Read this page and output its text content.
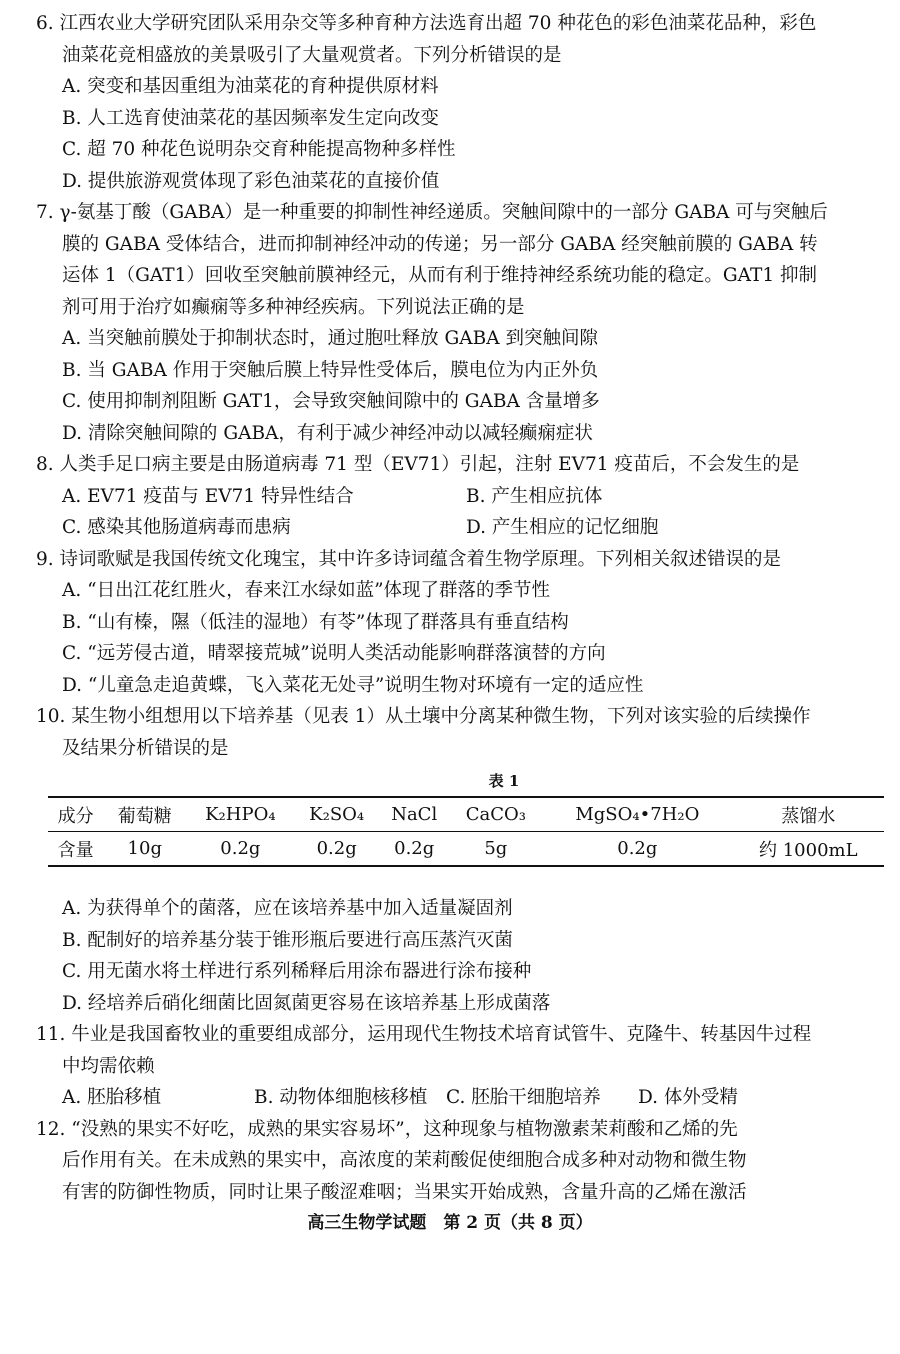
6. 江西农业大学研究团队采用杂交等多种育种方法选育出超 70 种花色的彩色油菜花品种，彩色
油菜花竞相盛放的美景吸引了大量观赏者。下列分析错误的是
A. 突变和基因重组为油菜花的育种提供原材料
B. 人工选育使油菜花的基因频率发生定向改变
C. 超 70 种花色说明杂交育种能提高物种多样性
D. 提供旅游观赏体现了彩色油菜花的直接价值
7. γ-氨基丁酸（GABA）是一种重要的抑制性神经递质。突触间隙中的一部分 GABA 可与突触后
膜的 GABA 受体结合，进而抑制神经冲动的传递；另一部分 GABA 经突触前膜的 GABA 转
运体 1（GAT1）回收至突触前膜神经元，从而有利于维持神经系统功能的稳定。GAT1 抑制
剂可用于治疗如癫痫等多种神经疾病。下列说法正确的是
A. 当突触前膜处于抑制状态时，通过胞吐释放 GABA 到突触间隙
B. 当 GABA 作用于突触后膜上特异性受体后，膜电位为内正外负
C. 使用抑制剂阻断 GAT1，会导致突触间隙中的 GABA 含量增多
D. 清除突触间隙的 GABA，有利于减少神经冲动以减轻癫痫症状
8. 人类手足口病主要是由肠道病毒 71 型（EV71）引起，注射 EV71 疫苗后，不会发生的是
A. EV71 疫苗与 EV71 特异性结合	B. 产生相应抗体
C. 感染其他肠道病毒而患病	D. 产生相应的记忆细胞
9. 诗词歌赋是我国传统文化瑰宝，其中许多诗词蕴含着生物学原理。下列相关叙述错误的是
A. “日出江花红胜火，春来江水绿如蓝”体现了群落的季节性
B. “山有榛，隰（低洼的湿地）有苓”体现了群落具有垂直结构
C. “远芳侵古道，晴翠接荒城”说明人类活动能影响群落演替的方向
D. “儿童急走追黄蝶，飞入菜花无处寻”说明生物对环境有一定的适应性
10. 某生物小组想用以下培养基（见表 1）从土壤中分离某种微生物，下列对该实验的后续操作
及结果分析错误的是
表 1
成分	葡萄糖	K₂HPO₄	K₂SO₄	NaCl	CaCO₃	MgSO₄•7H₂O	蒸馏水
含量	10g	0.2g	0.2g	0.2g	5g	0.2g	约 1000mL
A. 为获得单个的菌落，应在该培养基中加入适量凝固剂
B. 配制好的培养基分装于锥形瓶后要进行高压蒸汽灭菌
C. 用无菌水将土样进行系列稀释后用涂布器进行涂布接种
D. 经培养后硝化细菌比固氮菌更容易在该培养基上形成菌落
11. 牛业是我国畜牧业的重要组成部分，运用现代生物技术培育试管牛、克隆牛、转基因牛过程
中均需依赖
A. 胚胎移植	B. 动物体细胞核移植	C. 胚胎干细胞培养	D. 体外受精
12. “没熟的果实不好吃，成熟的果实容易坏”，这种现象与植物激素茉莉酸和乙烯的先
后作用有关。在未成熟的果实中，高浓度的茉莉酸促使细胞合成多种对动物和微生物
有害的防御性物质，同时让果子酸涩难咽；当果实开始成熟，含量升高的乙烯在激活
高三生物学试题　第 2 页（共 8 页）
